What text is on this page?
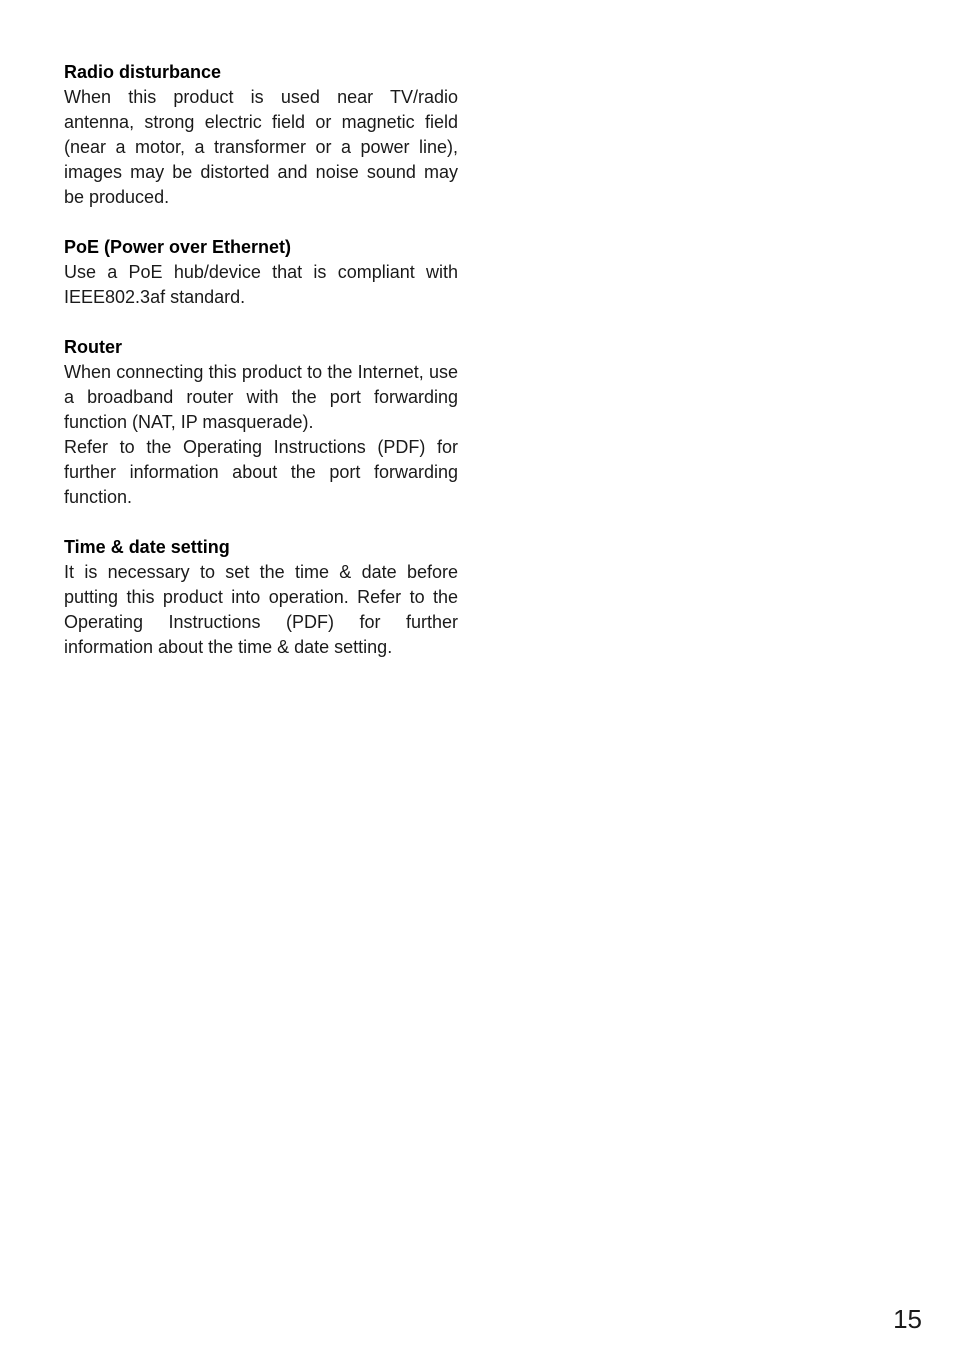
Radio disturbance

When this product is used near TV/radio antenna, strong electric field or magnetic field (near a motor, a transformer or a power line), images may be distorted and noise sound may be produced.

PoE (Power over Ethernet)

Use a PoE hub/device that is compliant with IEEE802.3af standard.

Router

When connecting this product to the Internet, use a broadband router with the port forwarding function (NAT, IP masquerade).

Refer to the Operating Instructions (PDF) for further information about the port forwarding function.

Time & date setting

It is necessary to set the time & date before putting this product into operation. Refer to the Operating Instructions (PDF) for further information about the time & date setting.

15
